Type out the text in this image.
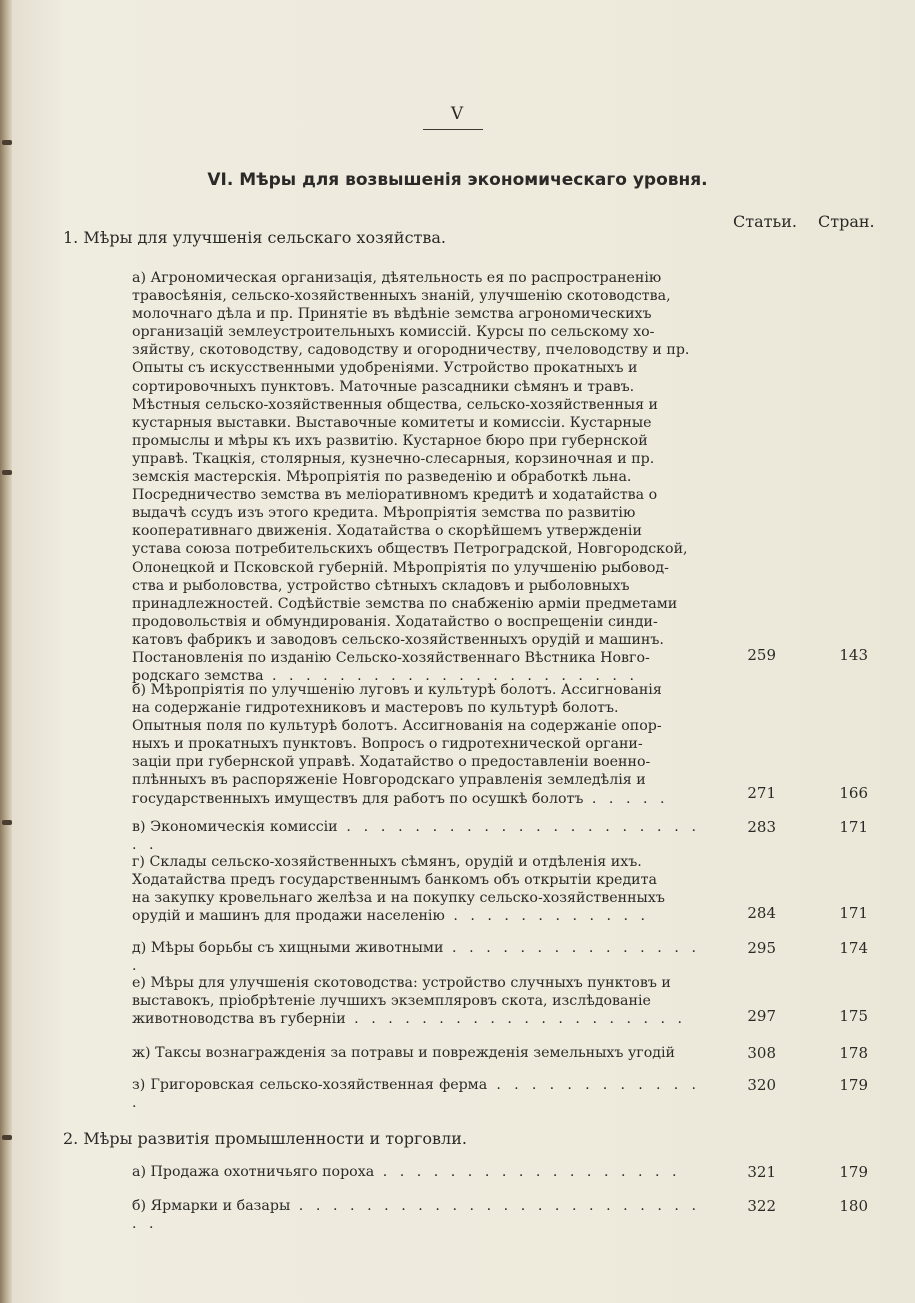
V
VI. Мѣры для возвышенія экономическаго уровня.
Статьи. Стран.
1. Мѣры для улучшенія сельскаго хозяйства.
а) Агрономическая организація, дѣятельность ея по распространенію
травосѣянія, сельско-хозяйственныхъ знаній, улучшенію скотоводства,
молочнаго дѣла и пр. Принятіе въ вѣдѣніе земства агрономическихъ
организацій землеустроительныхъ комиссій. Курсы по сельскому хо-
зяйству, скотоводству, садоводству и огородничеству, пчеловодству и пр.
Опыты съ искусственными удобреніями. Устройство прокатныхъ и
сортировочныхъ пунктовъ. Маточные разсадники сѣмянъ и травъ.
Мѣстныя сельско-хозяйственныя общества, сельско-хозяйственныя и
кустарныя выставки. Выставочные комитеты и комиссіи. Кустарные
промыслы и мѣры къ ихъ развитію. Кустарное бюро при губернской
управѣ. Ткацкія, столярныя, кузнечно-слесарныя, корзиночная и пр.
земскія мастерскія. Мѣропріятія по разведенію и обработкѣ льна.
Посредничество земства въ меліоративномъ кредитѣ и ходатайства о
выдачѣ ссудъ изъ этого кредита. Мѣропріятія земства по развитію
кооперативнаго движенія. Ходатайства о скорѣйшемъ утвержденіи
устава союза потребительскихъ обществъ Петроградской, Новгородской,
Олонецкой и Псковской губерній. Мѣропріятія по улучшенію рыбовод-
ства и рыболовства, устройство сѣтныхъ складовъ и рыболовныхъ
принадлежностей. Содѣйствіе земства по снабженію арміи предметами
продовольствія и обмундированія. Ходатайство о воспрещеніи синди-
катовъ фабрикъ и заводовъ сельско-хозяйственныхъ орудій и машинъ.
Постановленія по изданію Сельско-хозяйственнаго Вѣстника Новго-
родскаго земства . . . . . . . . . . . . . . . . . . . . . .
259	143
б) Мѣропріятія по улучшенію луговъ и культурѣ болотъ. Ассигнованія
на содержаніе гидротехниковъ и мастеровъ по культурѣ болотъ.
Опытныя поля по культурѣ болотъ. Ассигнованія на содержаніе опор-
ныхъ и прокатныхъ пунктовъ. Вопросъ о гидротехнической органи-
заціи при губернской управѣ. Ходатайство о предоставленіи военно-
плѣнныхъ въ распоряженіе Новгородскаго управленія земледѣлія и
государственныхъ имуществъ для работъ по осушкѣ болотъ . . . . .	271	166
в) Экономическія комиссіи . . . . . . . . . . . . . . . . . . . . . . .
283	171
г) Склады сельско-хозяйственныхъ сѣмянъ, орудій и отдѣленія ихъ.
Ходатайства предъ государственнымъ банкомъ объ открытіи кредита
на закупку кровельнаго желѣза и на покупку сельско-хозяйственныхъ
орудій и машинъ для продажи населенію . . . . . . . . . . . .	284	171
д) Мѣры борьбы съ хищными животными . . . . . . . . . . . . . . . .
295	174
е) Мѣры для улучшенія скотоводства: устройство случныхъ пунктовъ и
выставокъ, пріобрѣтеніе лучшихъ экземпляровъ скота, изслѣдованіе
животноводства въ губерніи . . . . . . . . . . . . . . . . . . . .	297	175
ж) Таксы вознагражденія за потравы и поврежденія земельныхъ угодій	308	178
з) Григоровская сельско-хозяйственная ферма . . . . . . . . . . . . .
320	179
2. Мѣры развитія промышленности и торговли.
а) Продажа охотничьяго пороха . . . . . . . . . . . . . . . . . .	321	179
б) Ярмарки и базары . . . . . . . . . . . . . . . . . . . . . . . . . .
322	180
